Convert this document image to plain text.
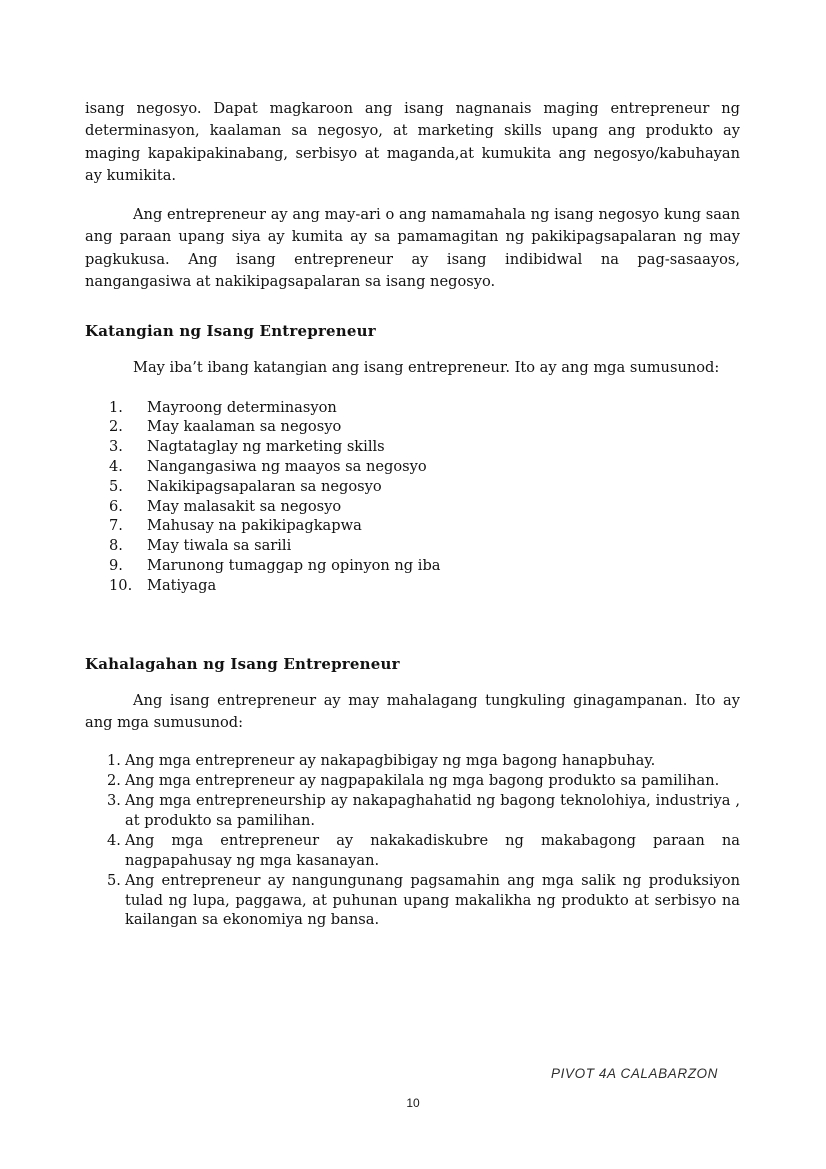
isang negosyo. Dapat magkaroon ang isang nagnanais maging entrepreneur ng determinasyon, kaalaman sa negosyo, at marketing skills upang ang produkto ay maging kapakipakinabang, serbisyo at maganda,at kumukita ang negosyo/kabuhayan ay kumikita.

Ang entrepreneur ay ang may-ari o ang namamahala ng isang negosyo kung saan ang paraan upang siya ay kumita ay sa pamamagitan ng pakikipagsapalaran ng may pagkukusa. Ang isang entrepreneur ay isang indibidwal na pag-sasaayos, nangangasiwa at nakikipagsapalaran sa isang negosyo.

Katangian ng Isang Entrepreneur

May iba’t ibang katangian ang isang entrepreneur. Ito ay ang mga sumusunod:

Mayroong determinasyon
May kaalaman sa negosyo
Nagtataglay ng marketing skills
Nangangasiwa ng maayos sa negosyo
Nakikipagsapalaran sa negosyo
May malasakit sa negosyo
Mahusay na pakikipagkapwa
May tiwala sa sarili
Marunong tumaggap ng opinyon ng iba
Matiyaga
Kahalagahan ng Isang Entrepreneur

Ang isang entrepreneur ay may mahalagang tungkuling ginagampanan. Ito ay ang mga sumusunod:

Ang mga entrepreneur ay nakapagbibigay ng mga bagong hanapbuhay.
Ang mga entrepreneur ay nagpapakilala ng mga bagong produkto sa pamilihan.
Ang mga entrepreneurship ay nakapaghahatid ng bagong teknolohiya, industriya , at produkto sa pamilihan.
Ang mga entrepreneur ay nakakadiskubre ng makabagong paraan na nagpapahusay ng mga kasanayan.
Ang entrepreneur ay nangungunang pagsamahin ang mga salik ng produksiyon tulad ng lupa, paggawa, at puhunan upang makalikha ng produkto at serbisyo na kailangan sa ekonomiya ng bansa.
PIVOT 4A CALABARZON
10
